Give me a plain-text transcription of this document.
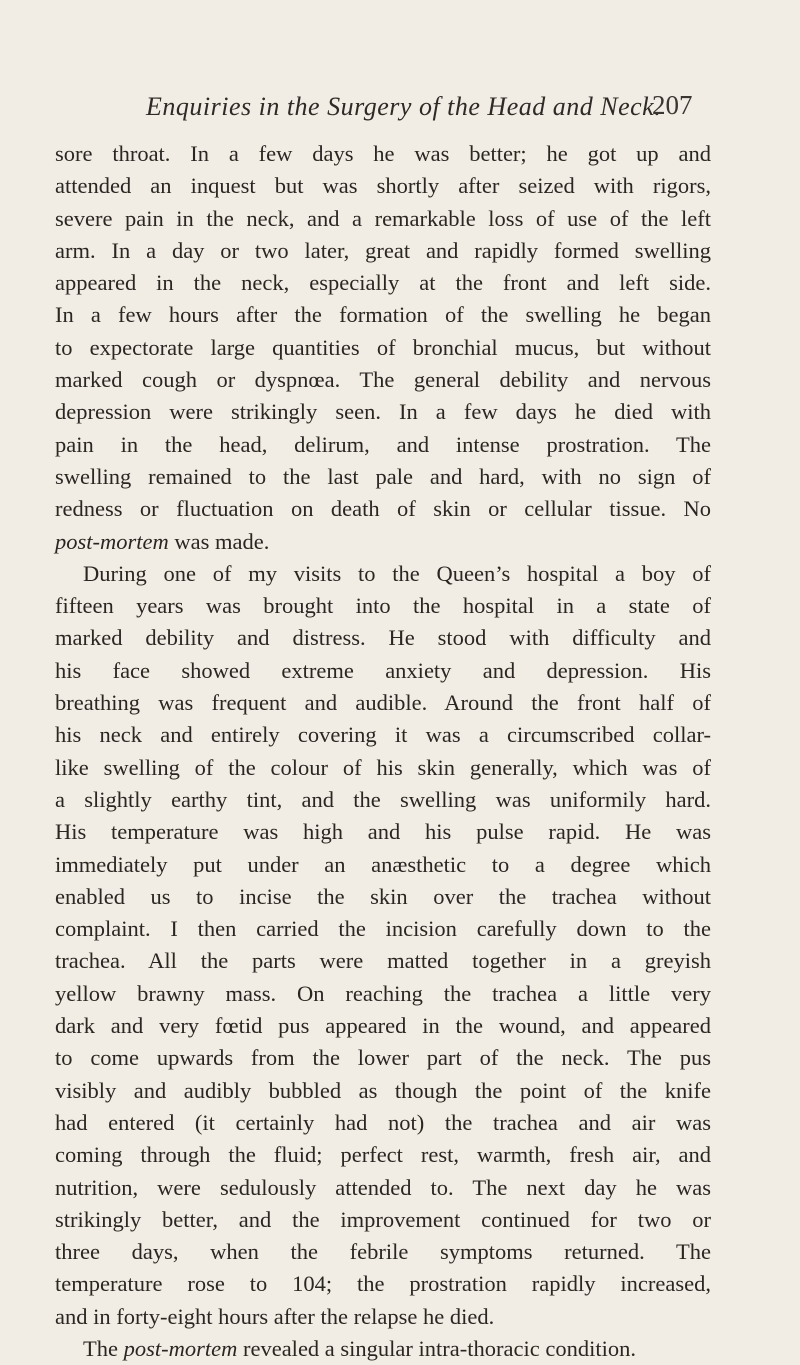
Enquiries in the Surgery of the Head and Neck.
207
sore throat. In a few days he was better; he got up and
attended an inquest but was shortly after seized with rigors,
severe pain in the neck, and a remarkable loss of use of the left
arm. In a day or two later, great and rapidly formed swelling
appeared in the neck, especially at the front and left side.
In a few hours after the formation of the swelling he began
to expectorate large quantities of bronchial mucus, but without
marked cough or dyspnœa. The general debility and nervous
depression were strikingly seen. In a few days he died with
pain in the head, delirum, and intense prostration. The
swelling remained to the last pale and hard, with no sign of
redness or fluctuation on death of skin or cellular tissue. No
post-mortem was made.
During one of my visits to the Queen’s hospital a boy of
fifteen years was brought into the hospital in a state of
marked debility and distress. He stood with difficulty and
his face showed extreme anxiety and depression. His
breathing was frequent and audible. Around the front half of
his neck and entirely covering it was a circumscribed collar-
like swelling of the colour of his skin generally, which was of
a slightly earthy tint, and the swelling was uniformily hard.
His temperature was high and his pulse rapid. He was
immediately put under an anæsthetic to a degree which
enabled us to incise the skin over the trachea without
complaint. I then carried the incision carefully down to the
trachea. All the parts were matted together in a greyish
yellow brawny mass. On reaching the trachea a little very
dark and very fœtid pus appeared in the wound, and appeared
to come upwards from the lower part of the neck. The pus
visibly and audibly bubbled as though the point of the knife
had entered (it certainly had not) the trachea and air was
coming through the fluid; perfect rest, warmth, fresh air, and
nutrition, were sedulously attended to. The next day he was
strikingly better, and the improvement continued for two or
three days, when the febrile symptoms returned. The
temperature rose to 104; the prostration rapidly increased,
and in forty-eight hours after the relapse he died.
The post-mortem revealed a singular intra-thoracic condition.
